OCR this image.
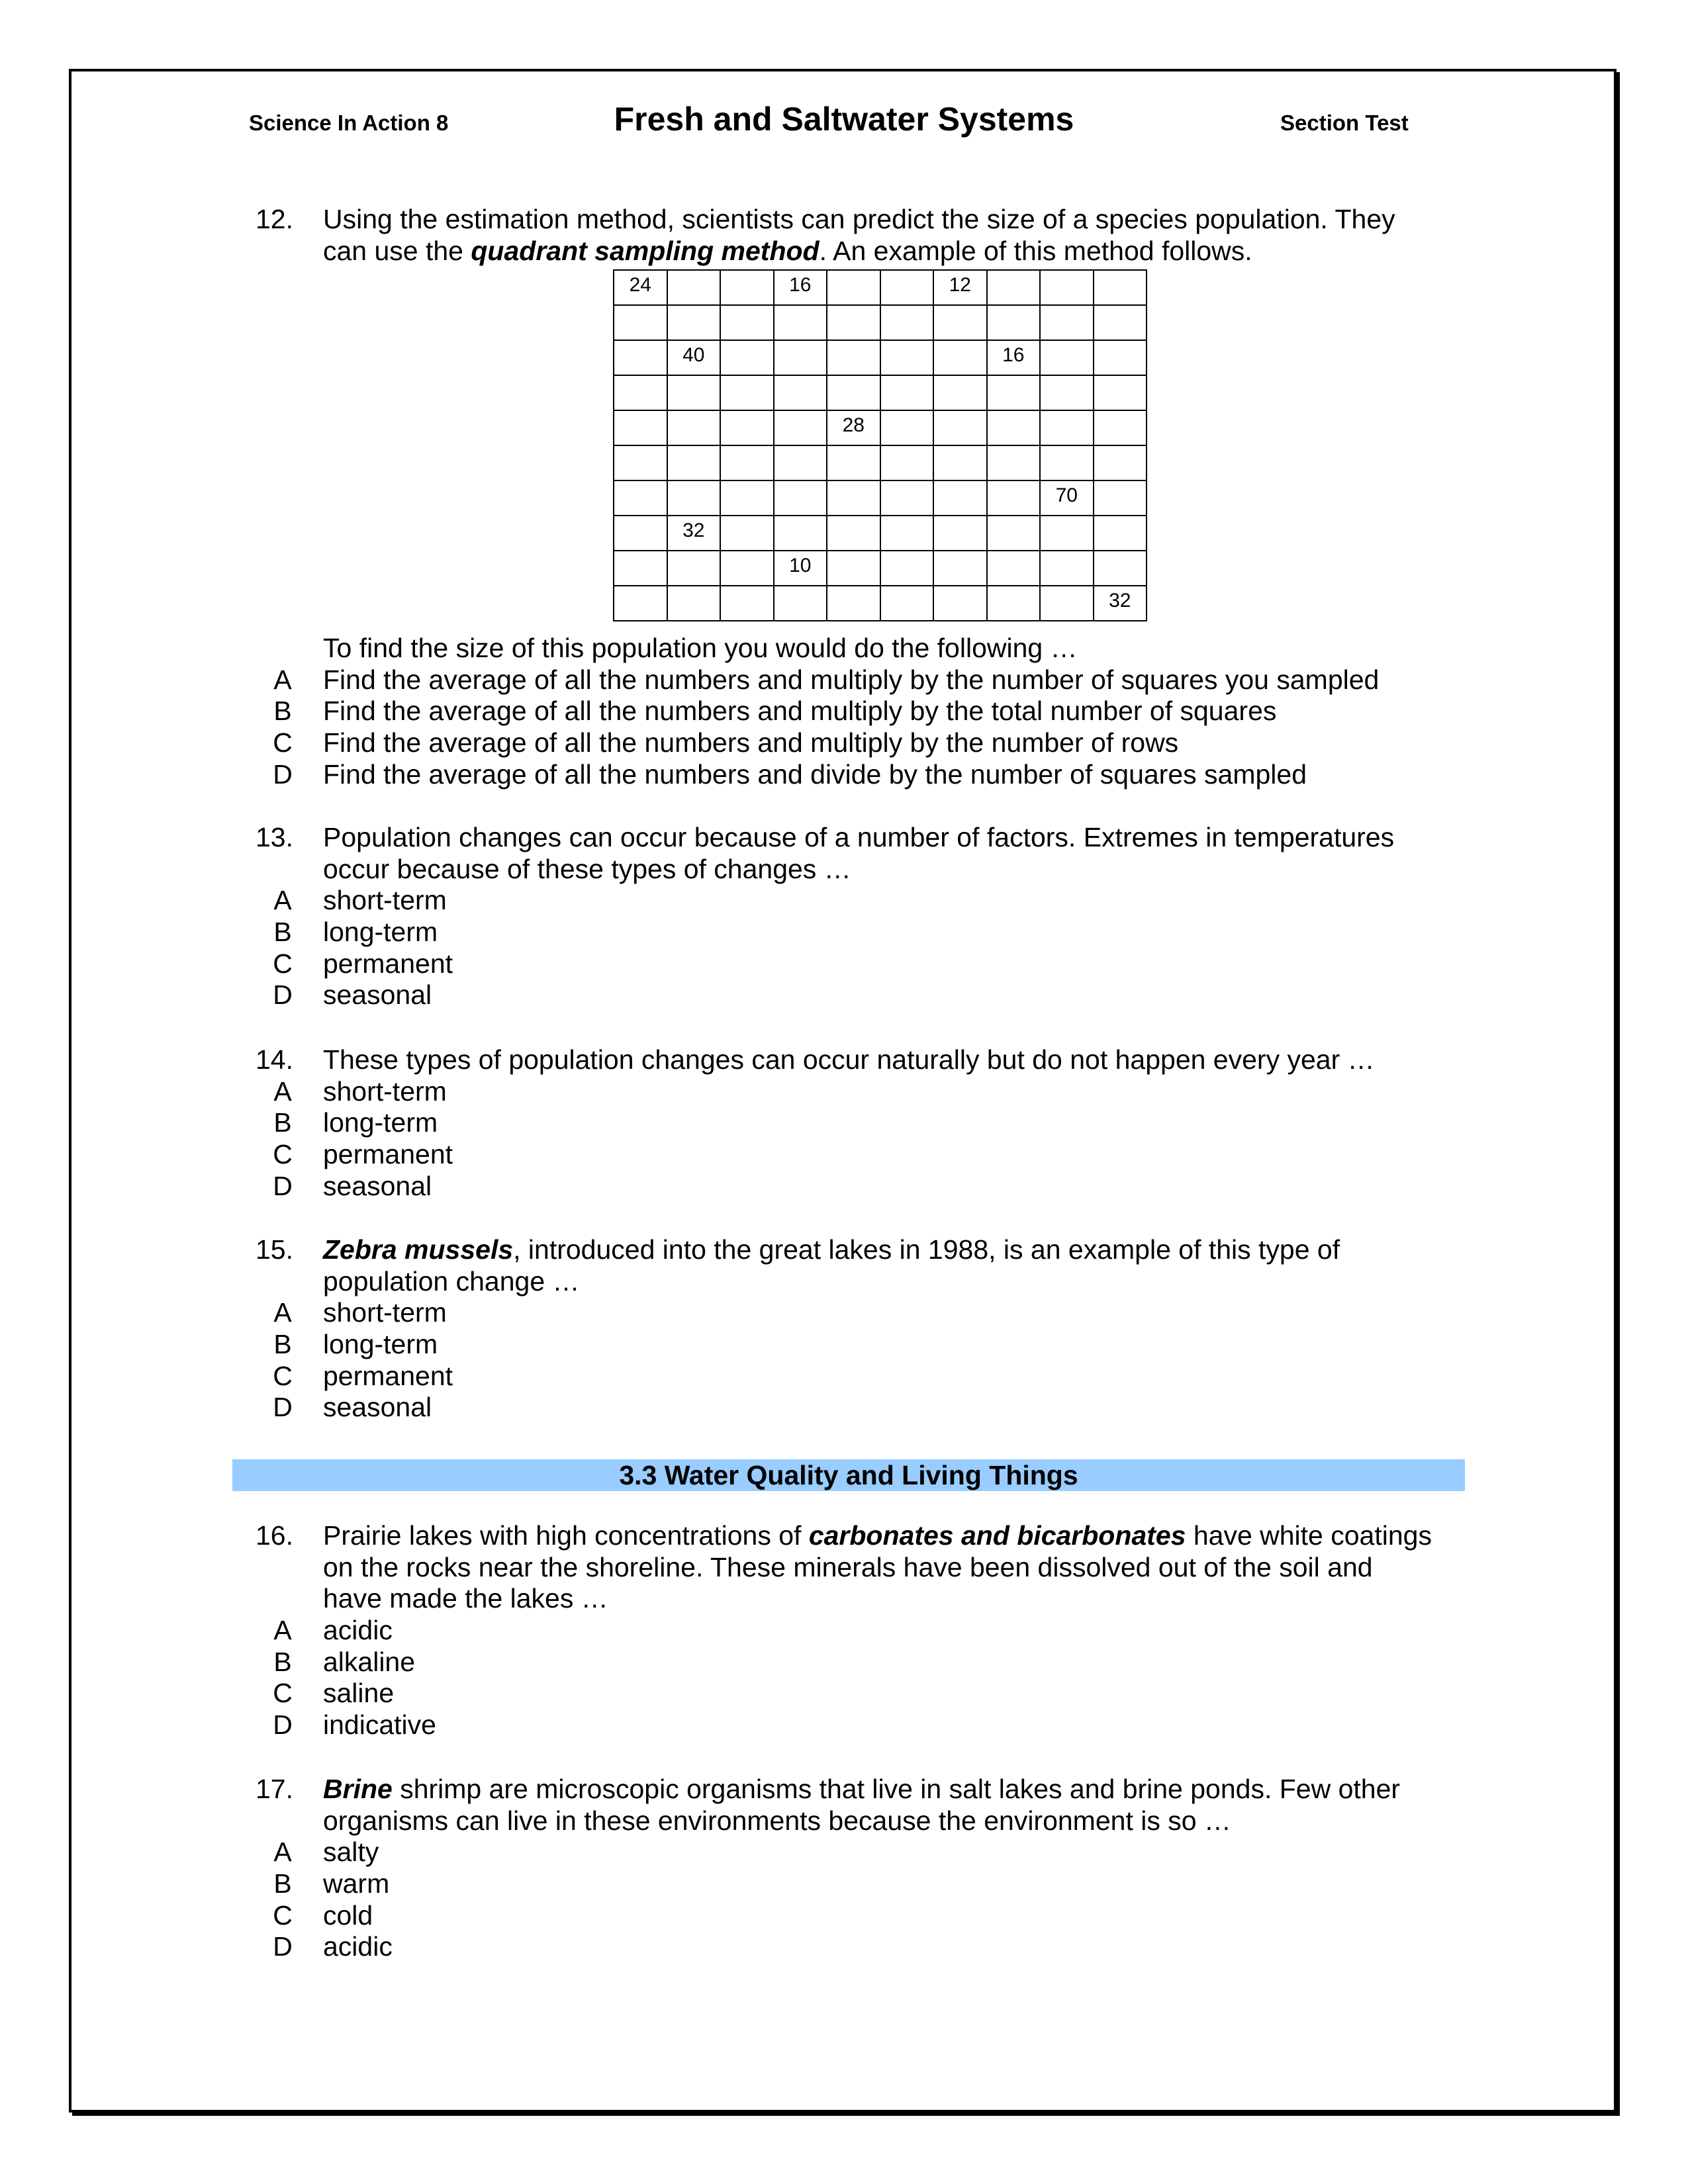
Science In Action 8	Fresh and Saltwater Systems	Section Test
12. Using the estimation method, scientists can predict the size of a species population. They
can use the quadrant sampling method. An example of this method follows.
24			16			12			

	40						16		

				28					

								70	
	32								
			10						
									32
To find the size of this population you would do the following …
A Find the average of all the numbers and multiply by the number of squares you sampled
B Find the average of all the numbers and multiply by the total number of squares
C Find the average of all the numbers and multiply by the number of rows
D Find the average of all the numbers and divide by the number of squares sampled
13. Population changes can occur because of a number of factors. Extremes in temperatures
occur because of these types of changes …
A short-term
B long-term
C permanent
D seasonal
14. These types of population changes can occur naturally but do not happen every year …
A short-term
B long-term
C permanent
D seasonal
15. Zebra mussels, introduced into the great lakes in 1988, is an example of this type of
population change …
A short-term
B long-term
C permanent
D seasonal
3.3 Water Quality and Living Things
16. Prairie lakes with high concentrations of carbonates and bicarbonates have white coatings
on the rocks near the shoreline. These minerals have been dissolved out of the soil and
have made the lakes …
A acidic
B alkaline
C saline
D indicative
17. Brine shrimp are microscopic organisms that live in salt lakes and brine ponds. Few other
organisms can live in these environments because the environment is so …
A salty
B warm
C cold
D acidic
